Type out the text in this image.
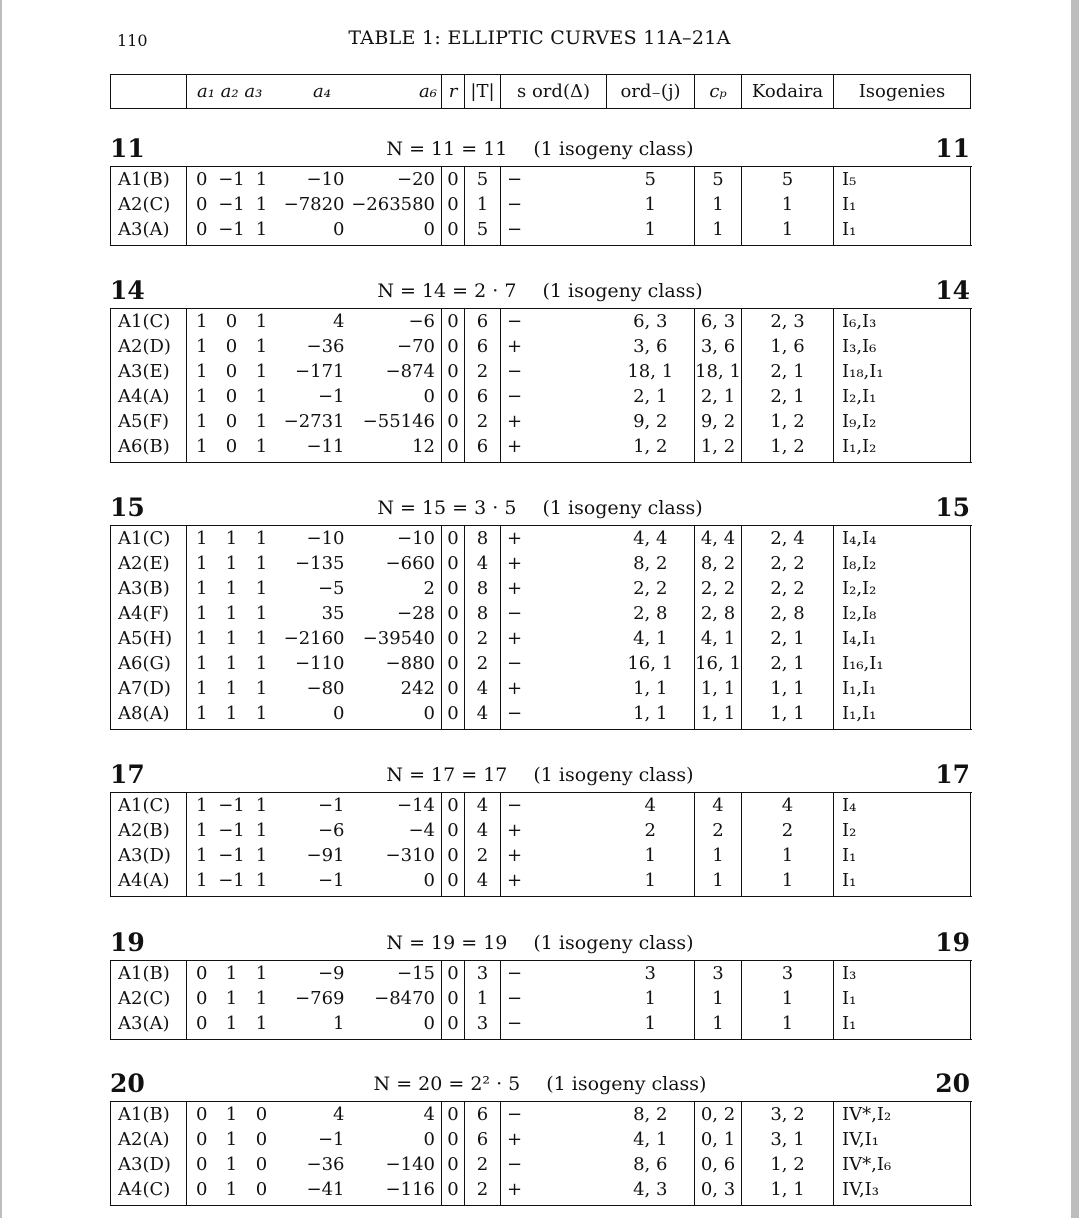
110	TABLE 1: ELLIPTIC CURVES 11A–21A
	a₁ a₂ a₃	a₄	a₆	r	|T|	s ord(Δ)	ord₋(j)	cₚ	Kodaira	Isogenies
11	N = 11 = 11 (1 isogeny class)	11
A1(B)	0	−1	1	−10	−20	0	5	−	5	5	5	I₅	
A2(C)	0	−1	1	−7820	−263580	0	1	−	1	1	1	I₁	
A3(A)	0	−1	1	0	0	0	5	−	1	1	1	I₁	
14	N = 14 = 2 · 7 (1 isogeny class)	14
A1(C)	1	0	1	4	−6	0	6	−	6, 3	6, 3	2, 3	I₆,I₃	
A2(D)	1	0	1	−36	−70	0	6	+	3, 6	3, 6	1, 6	I₃,I₆	
A3(E)	1	0	1	−171	−874	0	2	−	18, 1	18, 1	2, 1	I₁₈,I₁	
A4(A)	1	0	1	−1	0	0	6	−	2, 1	2, 1	2, 1	I₂,I₁	
A5(F)	1	0	1	−2731	−55146	0	2	+	9, 2	9, 2	1, 2	I₉,I₂	
A6(B)	1	0	1	−11	12	0	6	+	1, 2	1, 2	1, 2	I₁,I₂	
15	N = 15 = 3 · 5 (1 isogeny class)	15
A1(C)	1	1	1	−10	−10	0	8	+	4, 4	4, 4	2, 4	I₄,I₄	
A2(E)	1	1	1	−135	−660	0	4	+	8, 2	8, 2	2, 2	I₈,I₂	
A3(B)	1	1	1	−5	2	0	8	+	2, 2	2, 2	2, 2	I₂,I₂	
A4(F)	1	1	1	35	−28	0	8	−	2, 8	2, 8	2, 8	I₂,I₈	
A5(H)	1	1	1	−2160	−39540	0	2	+	4, 1	4, 1	2, 1	I₄,I₁	
A6(G)	1	1	1	−110	−880	0	2	−	16, 1	16, 1	2, 1	I₁₆,I₁	
A7(D)	1	1	1	−80	242	0	4	+	1, 1	1, 1	1, 1	I₁,I₁	
A8(A)	1	1	1	0	0	0	4	−	1, 1	1, 1	1, 1	I₁,I₁	
17	N = 17 = 17 (1 isogeny class)	17
A1(C)	1	−1	1	−1	−14	0	4	−	4	4	4	I₄	
A2(B)	1	−1	1	−6	−4	0	4	+	2	2	2	I₂	
A3(D)	1	−1	1	−91	−310	0	2	+	1	1	1	I₁	
A4(A)	1	−1	1	−1	0	0	4	+	1	1	1	I₁	
19	N = 19 = 19 (1 isogeny class)	19
A1(B)	0	1	1	−9	−15	0	3	−	3	3	3	I₃	
A2(C)	0	1	1	−769	−8470	0	1	−	1	1	1	I₁	
A3(A)	0	1	1	1	0	0	3	−	1	1	1	I₁	
20	N = 20 = 2² · 5 (1 isogeny class)	20
A1(B)	0	1	0	4	4	0	6	−	8, 2	0, 2	3, 2	IV*,I₂	
A2(A)	0	1	0	−1	0	0	6	+	4, 1	0, 1	3, 1	IV,I₁	
A3(D)	0	1	0	−36	−140	0	2	−	8, 6	0, 6	1, 2	IV*,I₆	
A4(C)	0	1	0	−41	−116	0	2	+	4, 3	0, 3	1, 1	IV,I₃	
